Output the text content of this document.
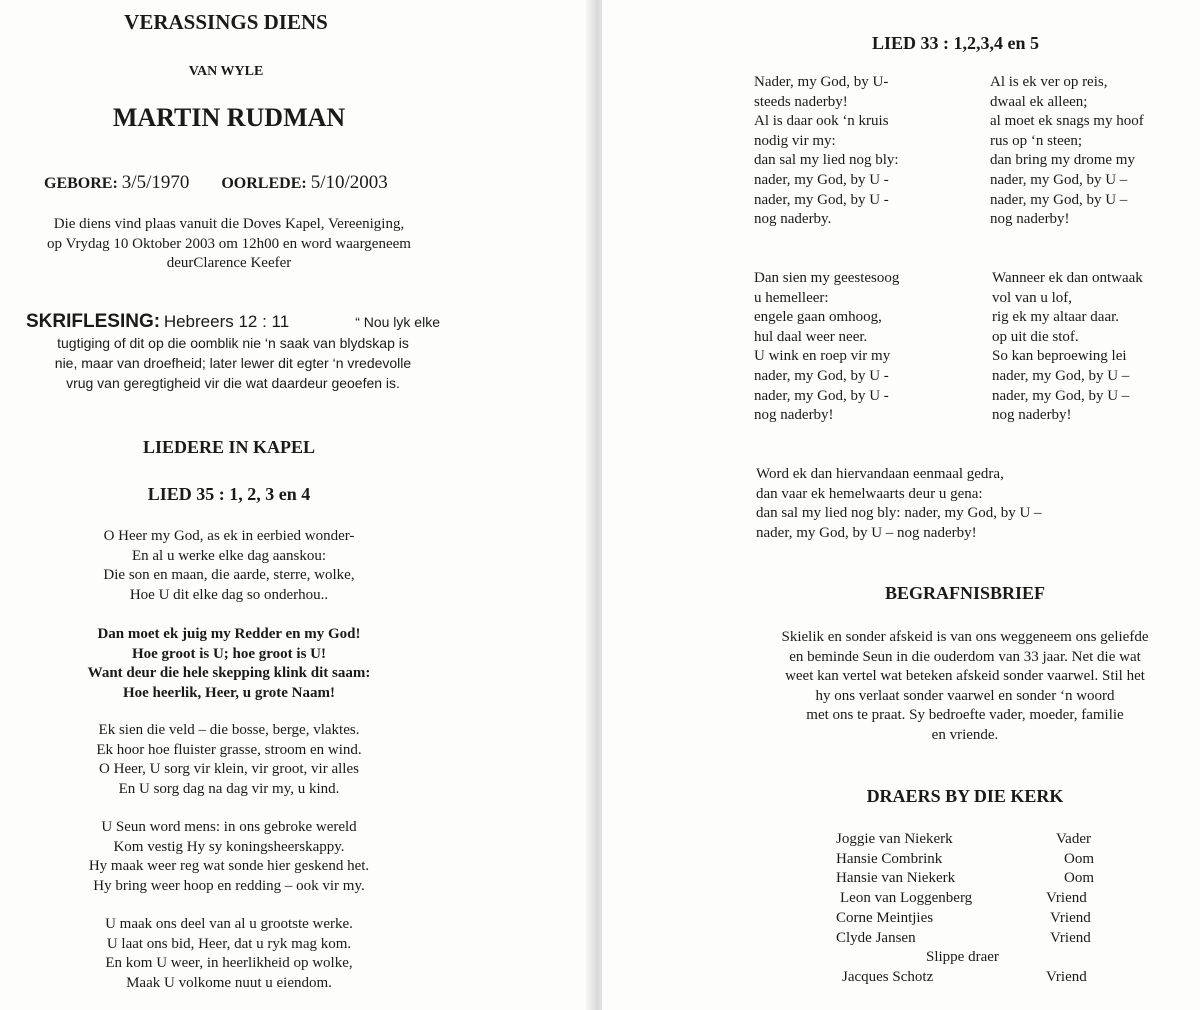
VERASSINGS DIENS
VAN WYLE
MARTIN RUDMAN
GEBORE: 3/5/1970 OORLEDE: 5/10/2003
Die diens vind plaas vanuit die Doves Kapel, Vereeniging,
op Vrydag 10 Oktober 2003 om 12h00 en word waargeneem
deurClarence Keefer
SKRIFLESING: Hebreers 12 : 11	“ Nou lyk elke
tugtiging of dit op die oomblik nie ‘n saak van blydskap is
nie, maar van droefheid; later lewer dit egter ‘n vredevolle
vrug van geregtigheid vir die wat daardeur geoefen is.
LIEDERE IN KAPEL
LIED 35 : 1, 2, 3 en 4
O Heer my God, as ek in eerbied wonder-
En al u werke elke dag aanskou:
Die son en maan, die aarde, sterre, wolke,
Hoe U dit elke dag so onderhou..
Dan moet ek juig my Redder en my God!
Hoe groot is U; hoe groot is U!
Want deur die hele skepping klink dit saam:
Hoe heerlik, Heer, u grote Naam!
Ek sien die veld – die bosse, berge, vlaktes.
Ek hoor hoe fluister grasse, stroom en wind.
O Heer, U sorg vir klein, vir groot, vir alles
En U sorg dag na dag vir my, u kind.
U Seun word mens: in ons gebroke wereld
Kom vestig Hy sy koningsheerskappy.
Hy maak weer reg wat sonde hier geskend het.
Hy bring weer hoop en redding – ook vir my.
U maak ons deel van al u grootste werke.
U laat ons bid, Heer, dat u ryk mag kom.
En kom U weer, in heerlikheid op wolke,
Maak U volkome nuut u eiendom.
LIED 33 : 1,2,3,4 en 5
Nader, my God, by U-
steeds naderby!
Al is daar ook ‘n kruis
nodig vir my:
dan sal my lied nog bly:
nader, my God, by U -
nader, my God, by U -
nog naderby.
Al is ek ver op reis,
dwaal ek alleen;
al moet ek snags my hoof
rus op ‘n steen;
dan bring my drome my
nader, my God, by U –
nader, my God, by U –
nog naderby!
Dan sien my geestesoog
u hemelleer:
engele gaan omhoog,
hul daal weer neer.
U wink en roep vir my
nader, my God, by U -
nader, my God, by U -
nog naderby!
Wanneer ek dan ontwaak
vol van u lof,
rig ek my altaar daar.
op uit die stof.
So kan beproewing lei
nader, my God, by U –
nader, my God, by U –
nog naderby!
Word ek dan hiervandaan eenmaal gedra,
dan vaar ek hemelwaarts deur u gena:
dan sal my lied nog bly: nader, my God, by U –
nader, my God, by U – nog naderby!
BEGRAFNISBRIEF
Skielik en sonder afskeid is van ons weggeneem ons geliefde
en beminde Seun in die ouderdom van 33 jaar. Net die wat
weet kan vertel wat beteken afskeid sonder vaarwel. Stil het
hy ons verlaat sonder vaarwel en sonder ‘n woord
met ons te praat. Sy bedroefte vader, moeder, familie
en vriende.
DRAERS BY DIE KERK
Joggie van Niekerk	Vader
Hansie Combrink	Oom
Hansie van Niekerk	Oom
Leon van Loggenberg	Vriend
Corne Meintjies	Vriend
Clyde Jansen	Vriend
Slippe draer
Jacques Schotz	Vriend
